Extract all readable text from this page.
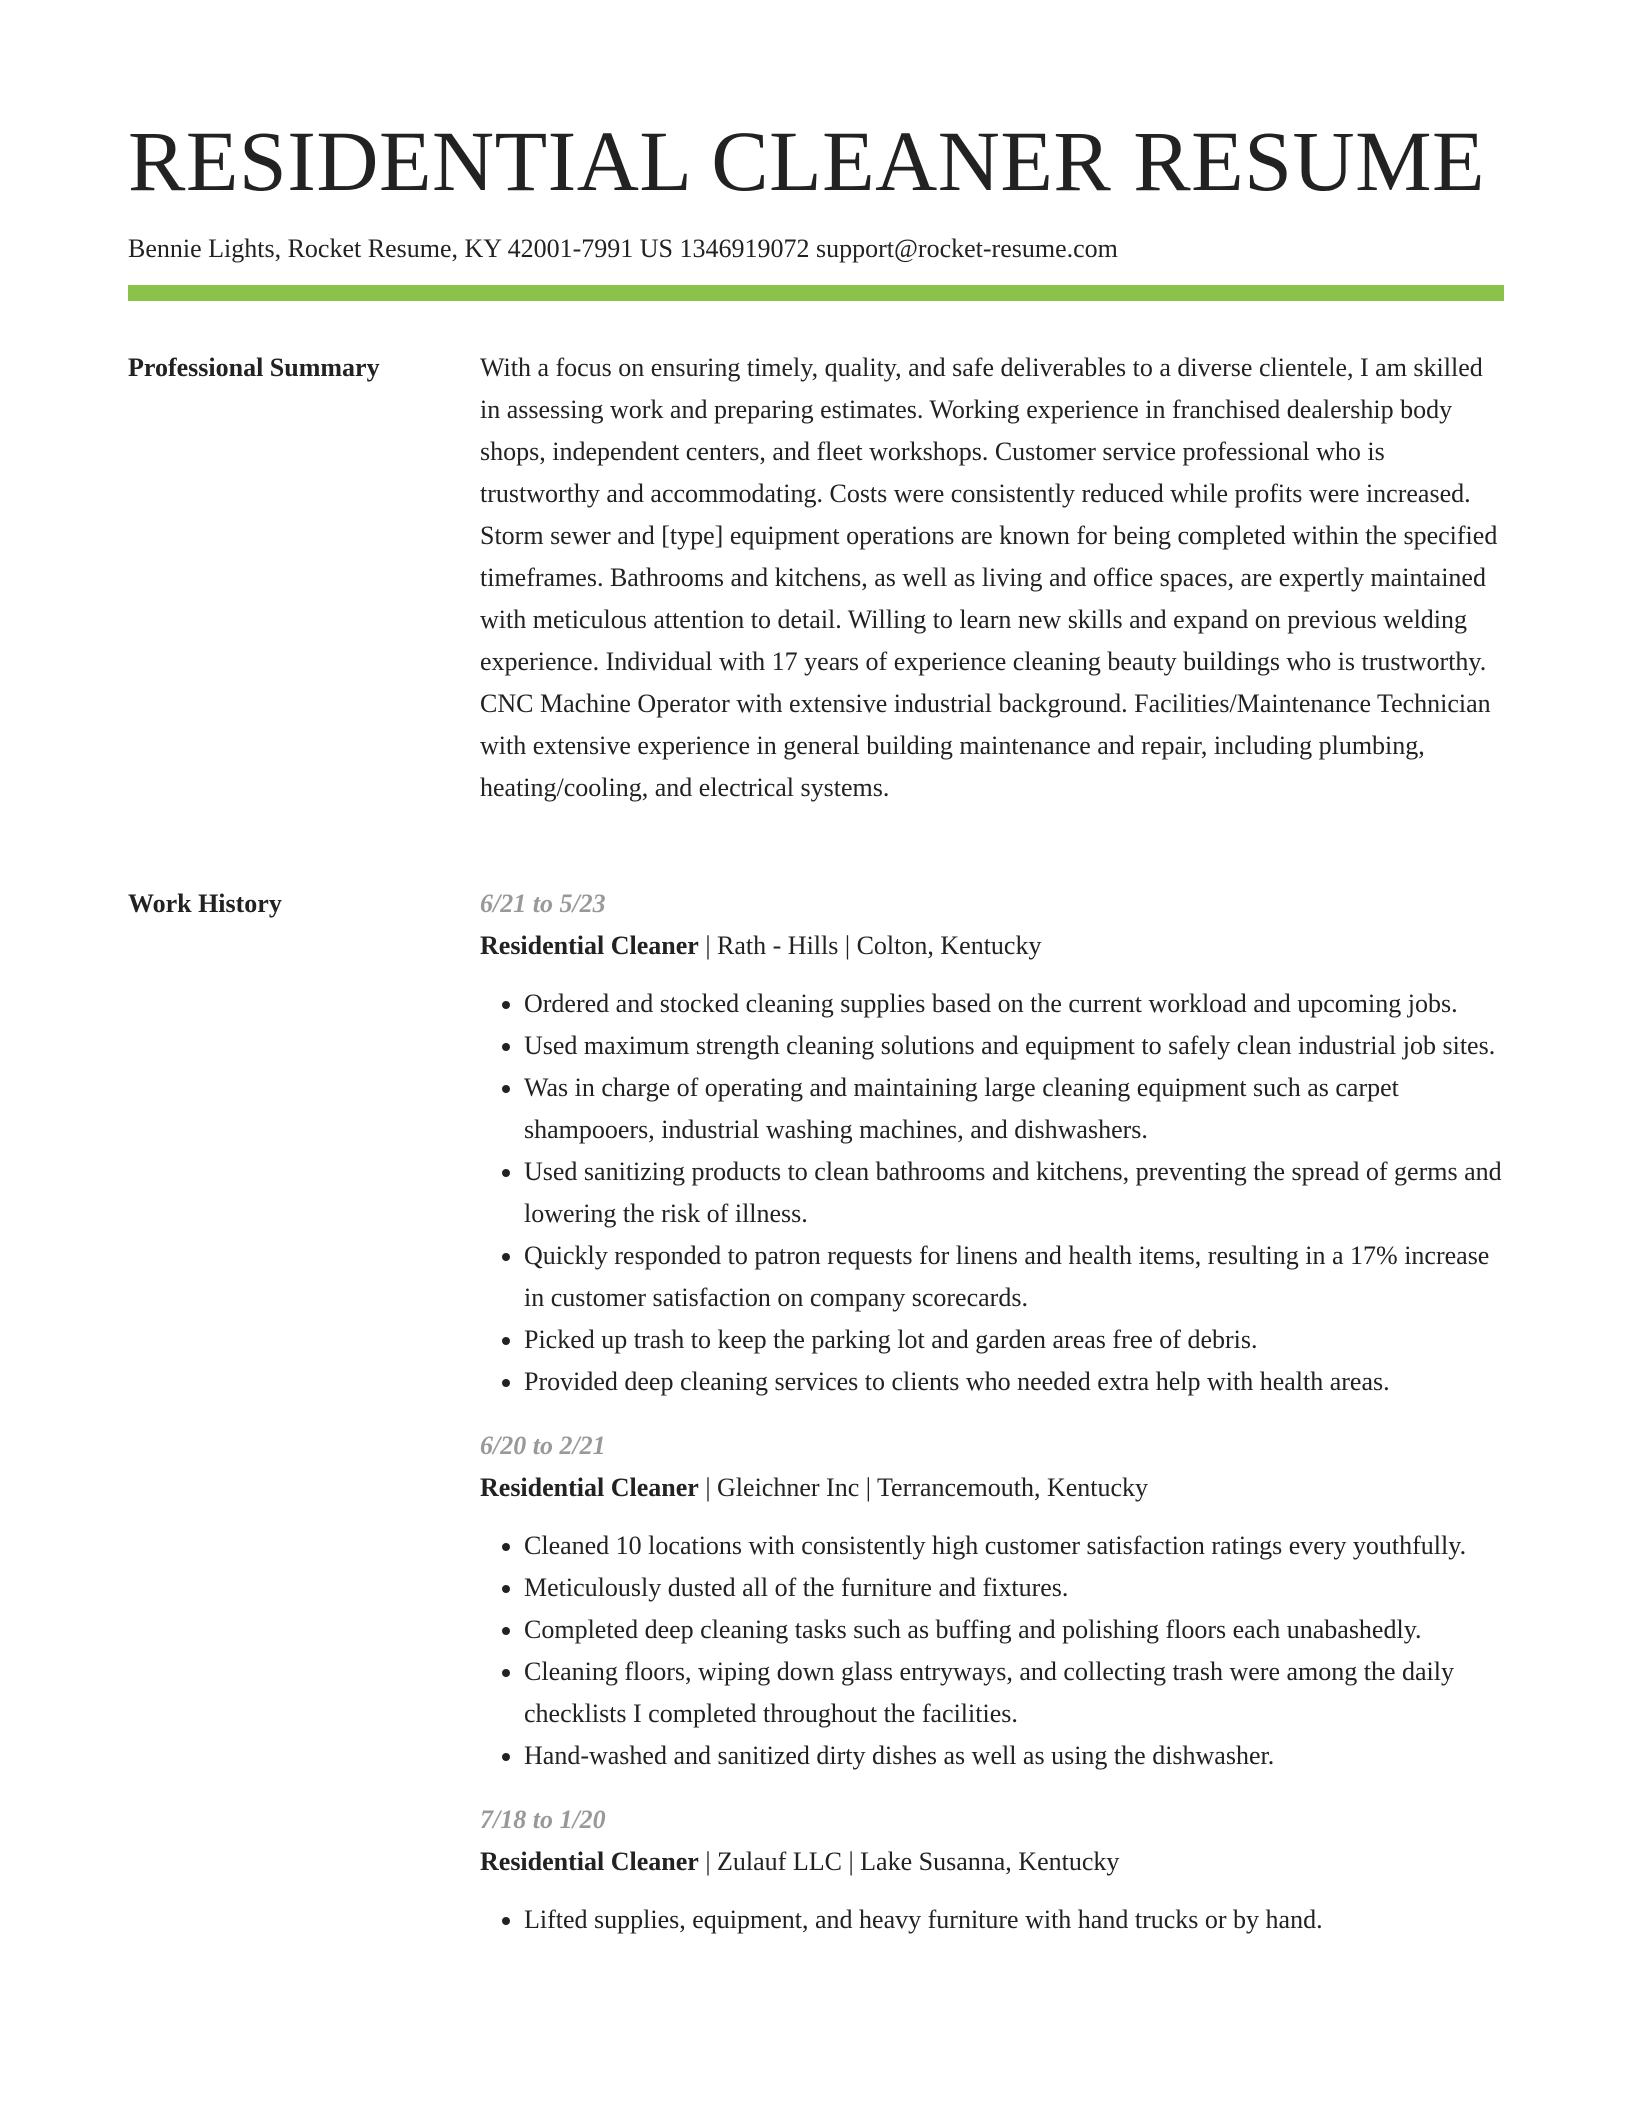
RESIDENTIAL CLEANER RESUME
Bennie Lights, Rocket Resume, KY 42001-7991 US 1346919072 support@rocket-resume.com
Professional Summary	With a focus on ensuring timely, quality, and safe deliverables to a diverse clientele, I am skilled in assessing work and preparing estimates. Working experience in franchised dealership body shops, independent centers, and fleet workshops. Customer service professional who is trustworthy and accommodating. Costs were consistently reduced while profits were increased. Storm sewer and [type] equipment operations are known for being completed within the specified timeframes. Bathrooms and kitchens, as well as living and office spaces, are expertly maintained with meticulous attention to detail. Willing to learn new skills and expand on previous welding experience. Individual with 17 years of experience cleaning beauty buildings who is trustworthy. CNC Machine Operator with extensive industrial background. Facilities/Maintenance Technician with extensive experience in general building maintenance and repair, including plumbing, heating/cooling, and electrical systems.

Work History	6/21 to 5/23
Residential Cleaner | Rath - Hills | Colton, Kentucky
• Ordered and stocked cleaning supplies based on the current workload and upcoming jobs.
• Used maximum strength cleaning solutions and equipment to safely clean industrial job sites.
• Was in charge of operating and maintaining large cleaning equipment such as carpet shampooers, industrial washing machines, and dishwashers.
• Used sanitizing products to clean bathrooms and kitchens, preventing the spread of germs and lowering the risk of illness.
• Quickly responded to patron requests for linens and health items, resulting in a 17% increase in customer satisfaction on company scorecards.
• Picked up trash to keep the parking lot and garden areas free of debris.
• Provided deep cleaning services to clients who needed extra help with health areas.
6/20 to 2/21
Residential Cleaner | Gleichner Inc | Terrancemouth, Kentucky
• Cleaned 10 locations with consistently high customer satisfaction ratings every youthfully.
• Meticulously dusted all of the furniture and fixtures.
• Completed deep cleaning tasks such as buffing and polishing floors each unabashedly.
• Cleaning floors, wiping down glass entryways, and collecting trash were among the daily checklists I completed throughout the facilities.
• Hand-washed and sanitized dirty dishes as well as using the dishwasher.
7/18 to 1/20
Residential Cleaner | Zulauf LLC | Lake Susanna, Kentucky
• Lifted supplies, equipment, and heavy furniture with hand trucks or by hand.
